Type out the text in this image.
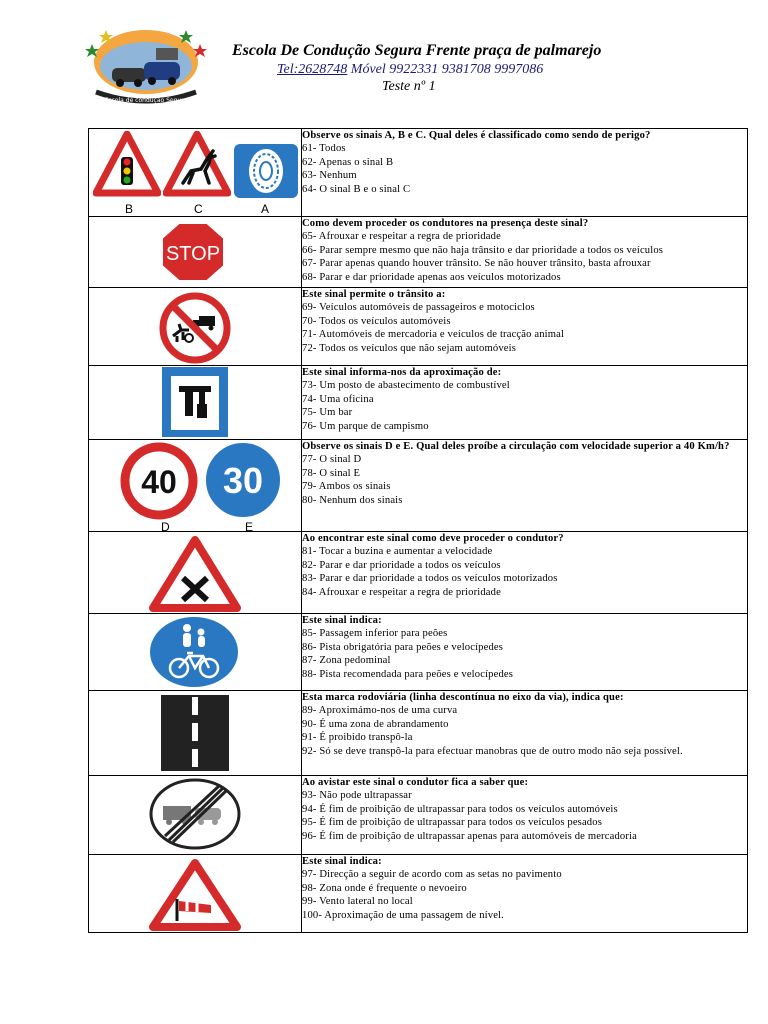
Escola de condução Segura
Escola De Condução Segura Frente praça de palmarejo
Tel:2628748 Móvel 9922331 9381708 9997086
Teste nº 1
B C A	Observe os sinais A, B e C. Qual deles é classificado como sendo de perigo?
61- Todos
62- Apenas o sinal B
63- Nenhum
64- O sinal B e o sinal C

STOP	Como devem proceder os condutores na presença deste sinal?
65- Afrouxar e respeitar a regra de prioridade
66- Parar sempre mesmo que não haja trânsito e dar prioridade a todos os veículos
67- Parar apenas quando houver trânsito. Se não houver trânsito, basta afrouxar
68- Parar e dar prioridade apenas aos veículos motorizados

Este sinal permite o trânsito a:
69- Veículos automóveis de passageiros e motociclos
70- Todos os veículos automóveis
71- Automóveis de mercadoria e veículos de tracção animal
72- Todos os veículos que não sejam automóveis

Este sinal informa-nos da aproximação de:
73- Um posto de abastecimento de combustível
74- Uma oficina
75- Um bar
76- Um parque de campismo

40 30
D E	Observe os sinais D e E. Qual deles proíbe a circulação com velocidade superior a 40 Km/h?
77- O sinal D
78- O sinal E
79- Ambos os sinais
80- Nenhum dos sinais

Ao encontrar este sinal como deve proceder o condutor?
81- Tocar a buzina e aumentar a velocidade
82- Parar e dar prioridade a todos os veículos
83- Parar e dar prioridade a todos os veículos motorizados
84- Afrouxar e respeitar a regra de prioridade

Este sinal indica:
85- Passagem inferior para peões
86- Pista obrigatória para peões e velocípedes
87- Zona pedominal
88- Pista recomendada para peões e velocípedes

Esta marca rodoviária (linha descontínua no eixo da via), indica que:
89- Aproximámo-nos de uma curva
90- É uma zona de abrandamento
91- É proibido transpô-la
92- Só se deve transpô-la para efectuar manobras que de outro modo não seja possível.

Ao avistar este sinal o condutor fica a saber que:
93- Não pode ultrapassar
94- É fim de proibição de ultrapassar para todos os veículos automóveis
95- É fim de proibição de ultrapassar para todos os veículos pesados
96- É fim de proibição de ultrapassar apenas para automóveis de mercadoria

Este sinal indica:
97- Direcção a seguir de acordo com as setas no pavimento
98- Zona onde é frequente o nevoeiro
99- Vento lateral no local
100- Aproximação de uma passagem de nível.
